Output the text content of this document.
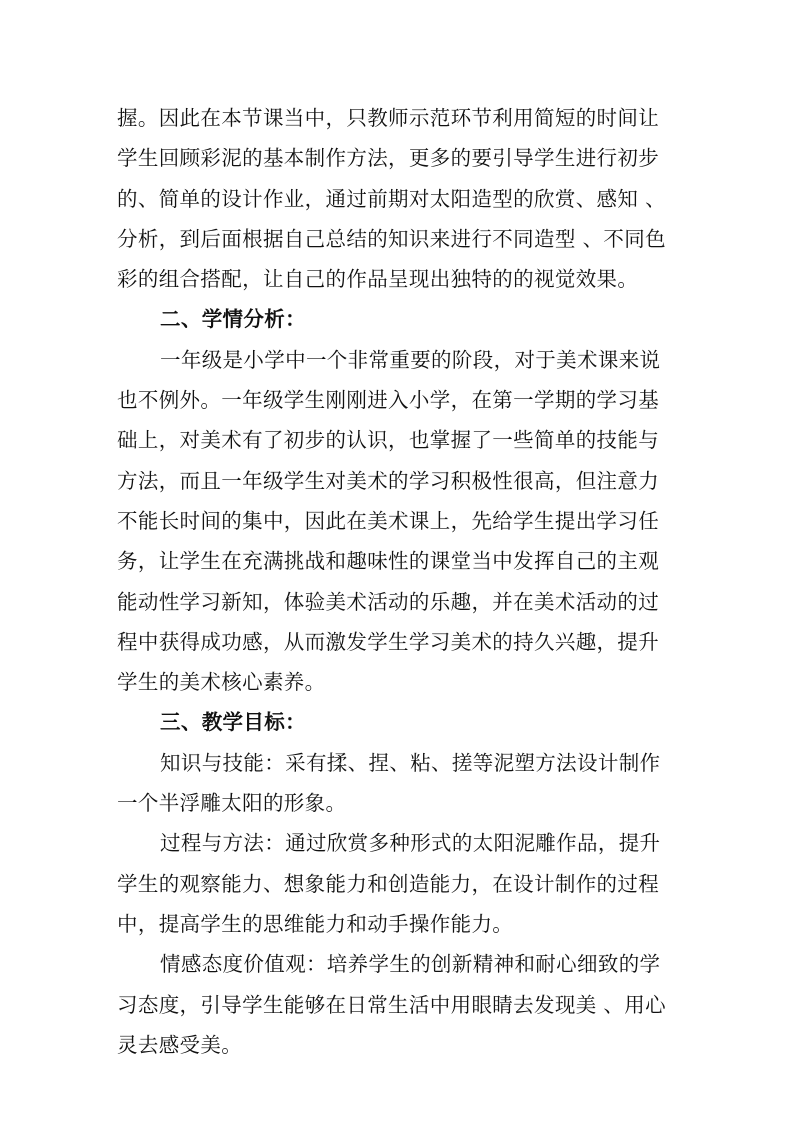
握。因此在本节课当中，只教师示范环节利用简短的时间让
学生回顾彩泥的基本制作方法，更多的要引导学生进行初步
的、简单的设计作业，通过前期对太阳造型的欣赏、感知 、
分析，到后面根据自己总结的知识来进行不同造型 、不同色
彩的组合搭配，让自己的作品呈现出独特的的视觉效果。
二、学情分析：
一年级是小学中一个非常重要的阶段，对于美术课来说
也不例外。一年级学生刚刚进入小学，在第一学期的学习基
础上，对美术有了初步的认识，也掌握了一些简单的技能与
方法，而且一年级学生对美术的学习积极性很高，但注意力
不能长时间的集中，因此在美术课上，先给学生提出学习任
务，让学生在充满挑战和趣味性的课堂当中发挥自己的主观
能动性学习新知，体验美术活动的乐趣，并在美术活动的过
程中获得成功感，从而激发学生学习美术的持久兴趣，提升
学生的美术核心素养。
三、教学目标：
知识与技能：采有揉、捏、粘、搓等泥塑方法设计制作
一个半浮雕太阳的形象。
过程与方法：通过欣赏多种形式的太阳泥雕作品，提升
学生的观察能力、想象能力和创造能力，在设计制作的过程
中，提高学生的思维能力和动手操作能力。
情感态度价值观：培养学生的创新精神和耐心细致的学
习态度，引导学生能够在日常生活中用眼睛去发现美 、用心
灵去感受美。
